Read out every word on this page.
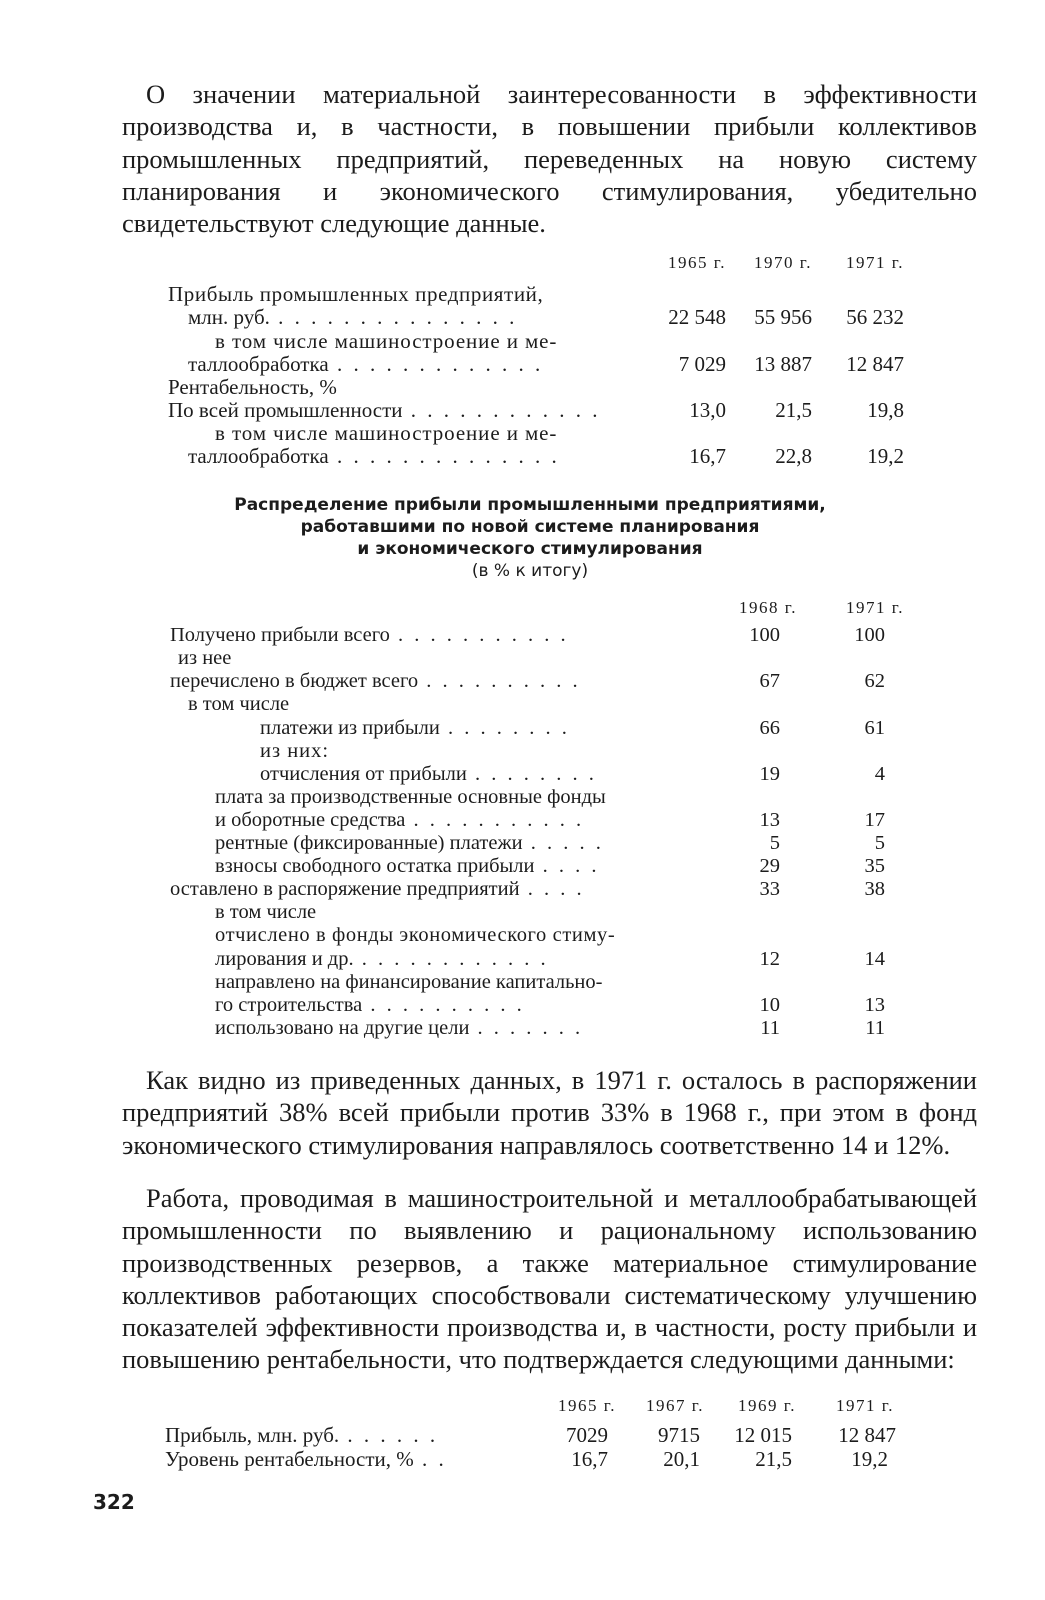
О значении материальной заинтересованности в эффективности производства и, в частности, в повышении прибыли коллективов промышленных предприятий, переведенных на новую систему планирования и экономического стимулирования, убедительно свидетельствуют следующие данные.

1965 г.	1970 г.	1971 г.
Прибыль промышленных предприятий,
млн. руб. . . . . . . . . . . . . . . .	22 548	55 956	56 232
в том числе машиностроение и ме-
таллообработка . . . . . . . . . . . . .	7 029	13 887	12 847
Рентабельность, %
По всей промышленности . . . . . . . . . . . .	13,0	21,5	19,8
в том числе машиностроение и ме-
таллообработка . . . . . . . . . . . . . .	16,7	22,8	19,2
Распределение прибыли промышленными предприятиями,
работавшими по новой системе планирования
и экономического стимулирования
(в % к итогу)
1968 г.	1971 г.
Получено прибыли всего . . . . . . . . . . .	100	100
из нее
перечислено в бюджет всего . . . . . . . . . .	67	62
в том числе
платежи из прибыли . . . . . . . .	66	61
из них:
отчисления от прибыли . . . . . . . .	19	4
плата за производственные основные фонды
и оборотные средства . . . . . . . . . . .	13	17
рентные (фиксированные) платежи . . . . .	5	5
взносы свободного остатка прибыли . . . .	29	35
оставлено в распоряжение предприятий . . . .	33	38
в том числе
отчислено в фонды экономического стиму-
лирования и др. . . . . . . . . . . . .	12	14
направлено на финансирование капитально-
го строительства . . . . . . . . . .	10	13
использовано на другие цели . . . . . . .	11	11

Как видно из приведенных данных, в 1971 г. осталось в распоряжении предприятий 38% всей прибыли против 33% в 1968 г., при этом в фонд экономического стимулирования направлялось соответственно 14 и 12%.

Работа, проводимая в машиностроительной и металлообрабатывающей промышленности по выявлению и рациональному использованию производственных резервов, а также материальное стимулирование коллективов работающих способствовали систематическому улучшению показателей эффективности производства и, в частности, росту прибыли и повышению рентабельности, что подтверждается следующими данными:

1965 г.	1967 г.	1969 г.	1971 г.
Прибыль, млн. руб. . . . . . .	7029	9715	12 015	12 847
Уровень рентабельности, % . .	16,7	20,1	21,5	19,2
322
